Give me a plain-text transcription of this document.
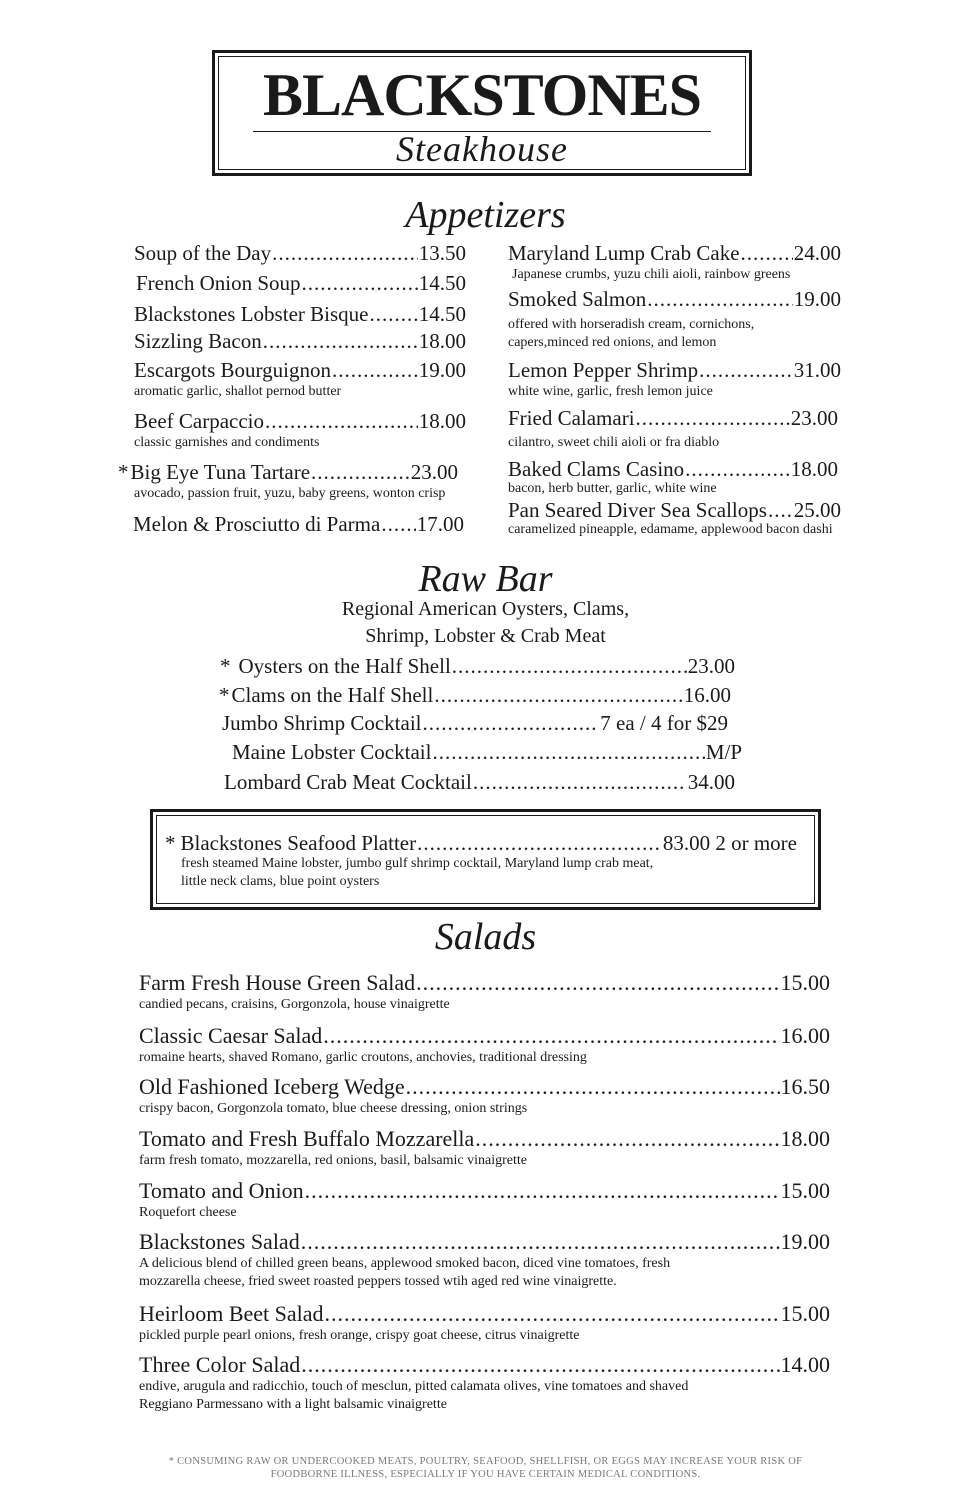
BLACKSTONES
Steakhouse
Appetizers
Soup of the Day .....	13.50
French Onion Soup .....	14.50
Blackstones Lobster Bisque ..... 14.50
Sizzling Bacon .....	18.00
Escargots Bourguignon .....	19.00
aromatic garlic, shallot pernod butter
Beef Carpaccio .....	18.00
classic garnishes and condiments
* Big Eye Tuna Tartare .....	23.00
avocado, passion fruit, yuzu, baby greens, wonton crisp
Melon & Prosciutto di Parma ..... 17.00
Maryland Lump Crab Cake .....	24.00
Japanese crumbs, yuzu chili aioli, rainbow greens
Smoked Salmon .....	19.00
offered with horseradish cream, cornichons, capers,minced red onions, and lemon
Lemon Pepper Shrimp .....	31.00
white wine, garlic, fresh lemon juice
Fried Calamari .....	23.00
cilantro, sweet chili aioli or fra diablo
Baked Clams Casino .....	18.00
bacon, herb butter, garlic, white wine
Pan Seared Diver Sea Scallops ..... 25.00
caramelized pineapple, edamame, applewood bacon dashi
Raw Bar
Regional American Oysters, Clams,
Shrimp, Lobster & Crab Meat
* Oysters on the Half Shell .....	23.00
* Clams on the Half Shell .....	16.00
Jumbo Shrimp Cocktail .....	7 ea / 4 for $29
Maine Lobster Cocktail .....	M/P
Lombard Crab Meat Cocktail .....	34.00
* Blackstones Seafood Platter .....	83.00 2 or more
fresh steamed Maine lobster, jumbo gulf shrimp cocktail, Maryland lump crab meat,
little neck clams, blue point oysters
Salads
Farm Fresh House Green Salad .....	15.00
candied pecans, craisins, Gorgonzola, house vinaigrette
Classic Caesar Salad .....	16.00
romaine hearts, shaved Romano, garlic croutons, anchovies, traditional dressing
Old Fashioned Iceberg Wedge .....	16.50
crispy bacon, Gorgonzola tomato, blue cheese dressing, onion strings
Tomato and Fresh Buffalo Mozzarella .....	18.00
farm fresh tomato, mozzarella, red onions, basil, balsamic vinaigrette
Tomato and Onion .....	15.00
Roquefort cheese
Blackstones Salad .....	19.00
A delicious blend of chilled green beans, applewood smoked bacon, diced vine tomatoes, fresh mozzarella cheese, fried sweet roasted peppers tossed wtih aged red wine vinaigrette.
Heirloom Beet Salad .....	15.00
pickled purple pearl onions, fresh orange, crispy goat cheese, citrus vinaigrette
Three Color Salad .....	14.00
endive, arugula and radicchio, touch of mesclun, pitted calamata olives, vine tomatoes and shaved Reggiano Parmessano with a light balsamic vinaigrette
* CONSUMING RAW OR UNDERCOOKED MEATS, POULTRY, SEAFOOD, SHELLFISH, OR EGGS MAY INCREASE YOUR RISK OF
FOODBORNE ILLNESS, ESPECIALLY IF YOU HAVE CERTAIN MEDICAL CONDITIONS.
